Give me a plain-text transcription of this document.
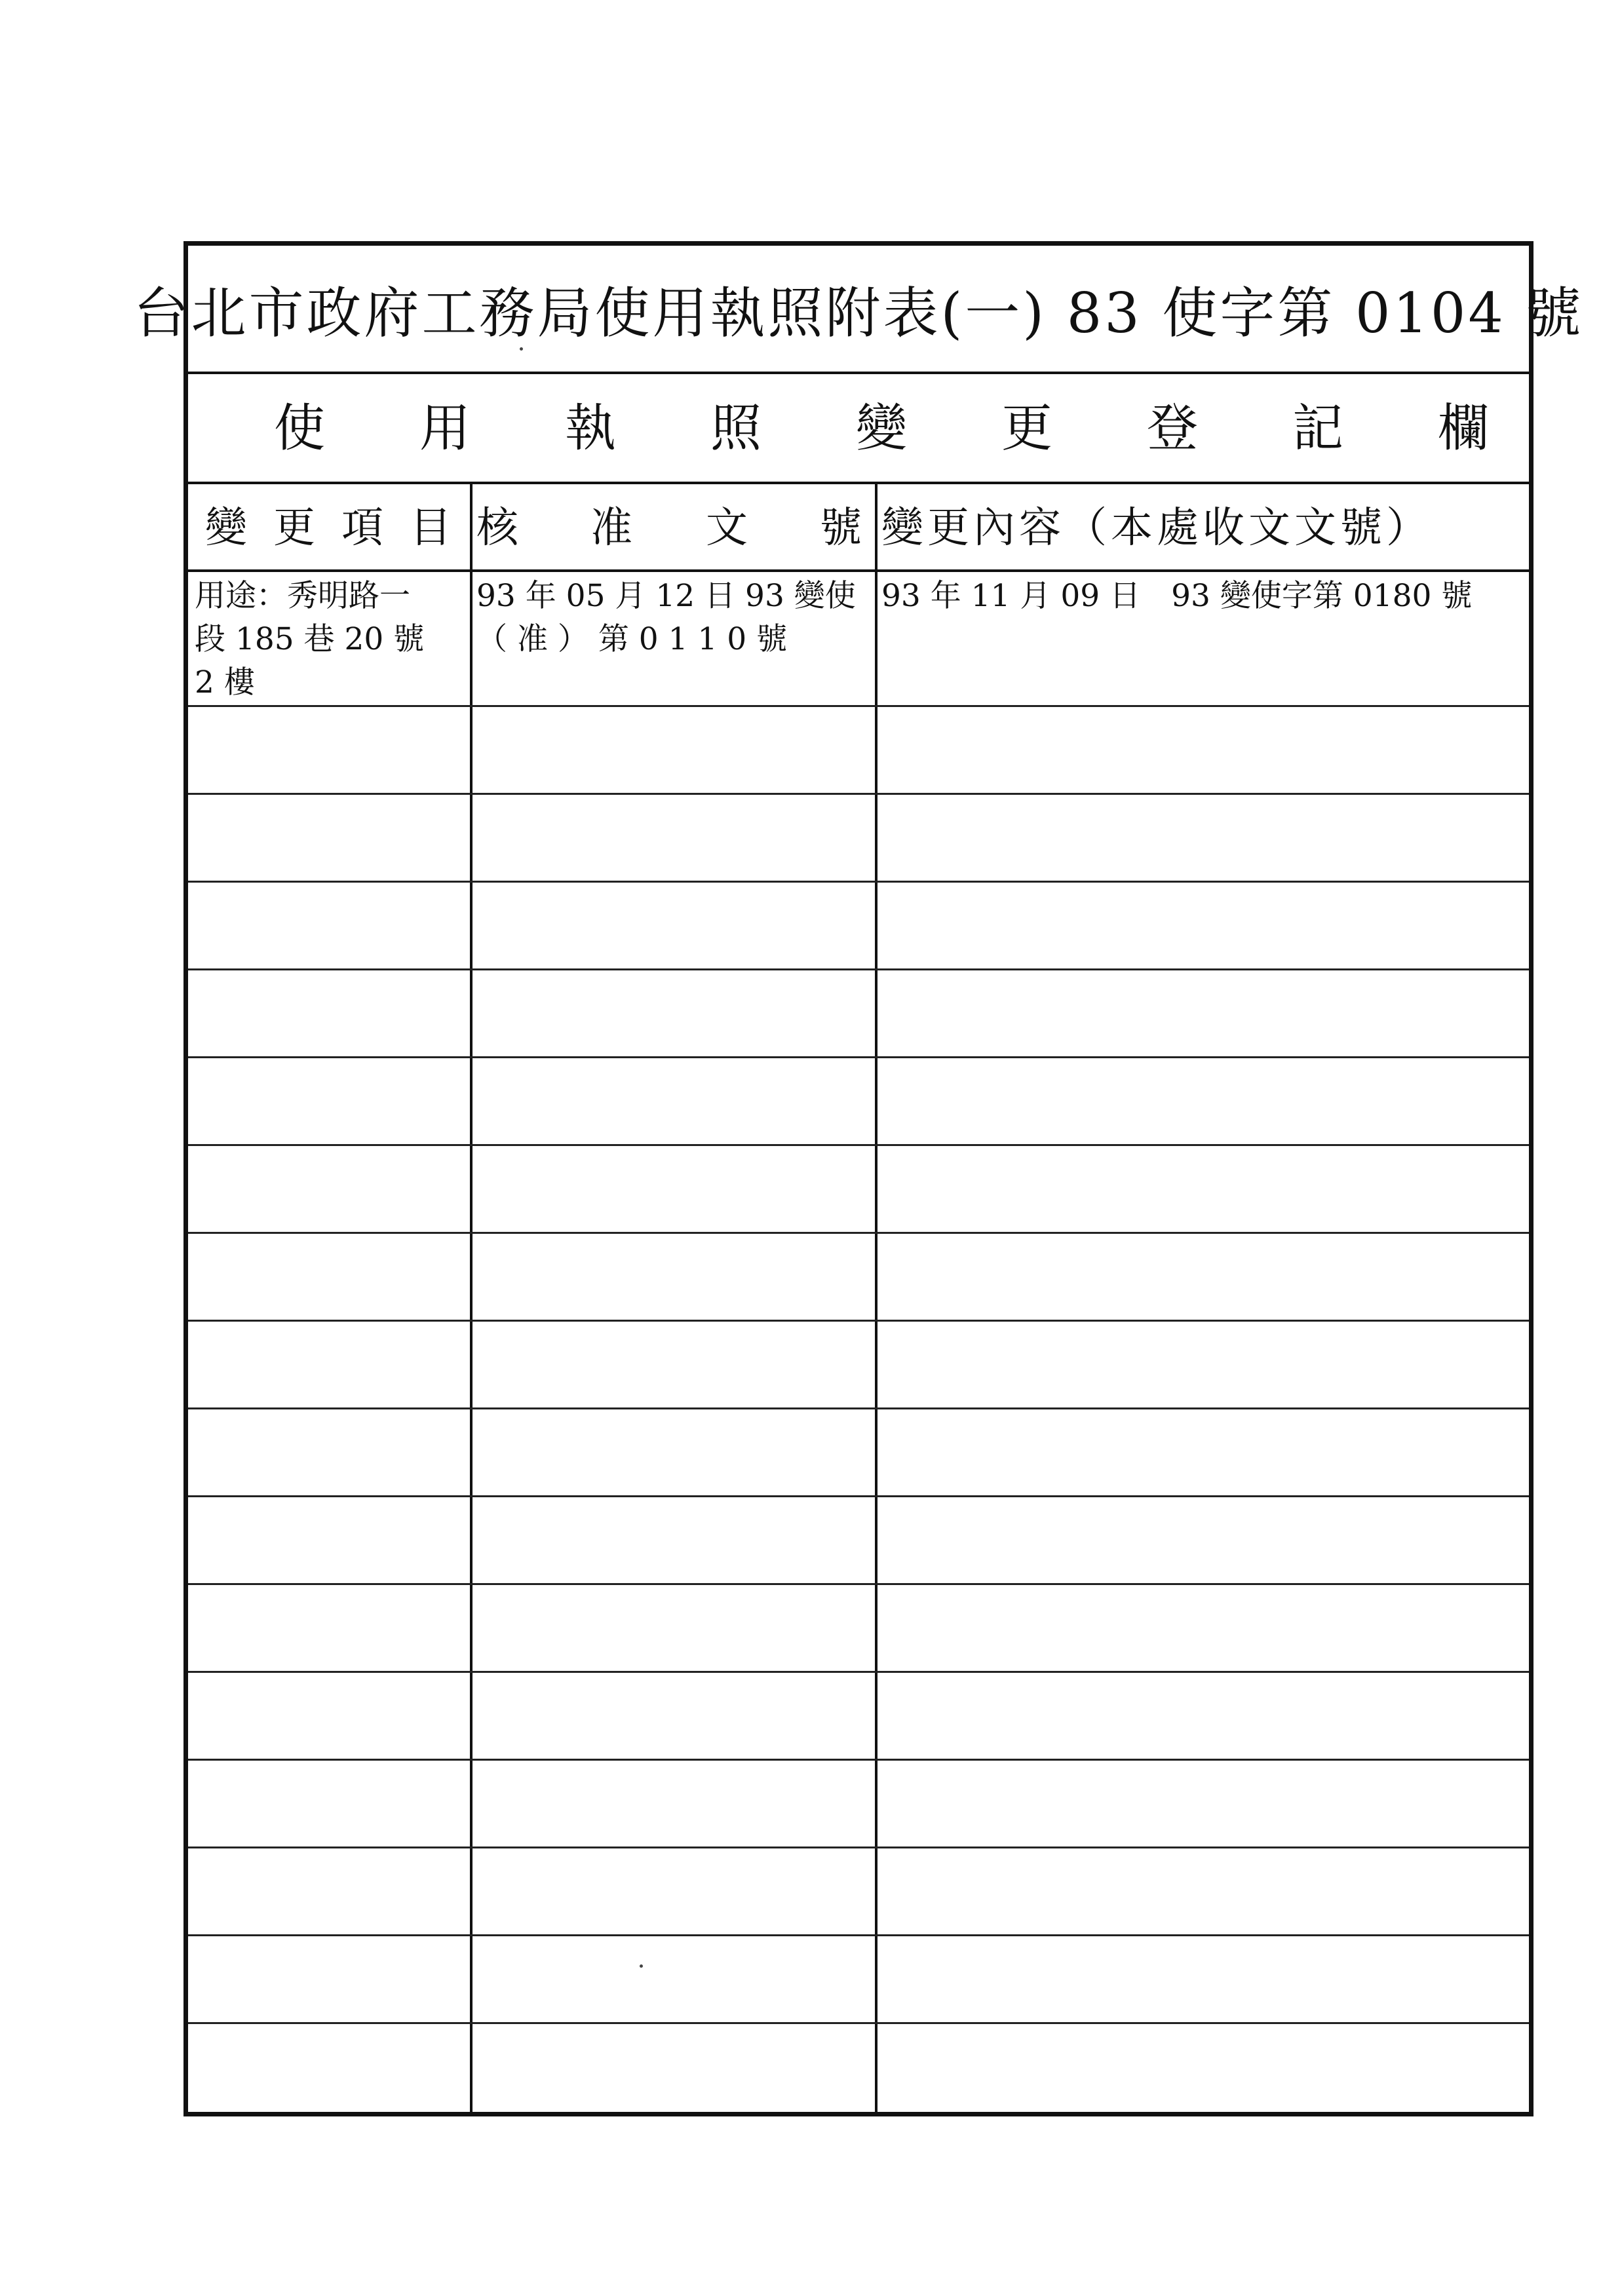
台北市政府工務局使用執照附表(一) 83 使字第 0104 號
使 用 執 照 變 更 登 記 欄
變 更 項 目 核 准 文 號 變更內容（本處收文文號）
用途：秀明路一
段 185 巷 20 號
2 樓
93 年 05 月 12 日 93 變使
（ 准 ） 第 0 1 1 0 號
93 年 11 月 09 日　93 變使字第 0180 號
